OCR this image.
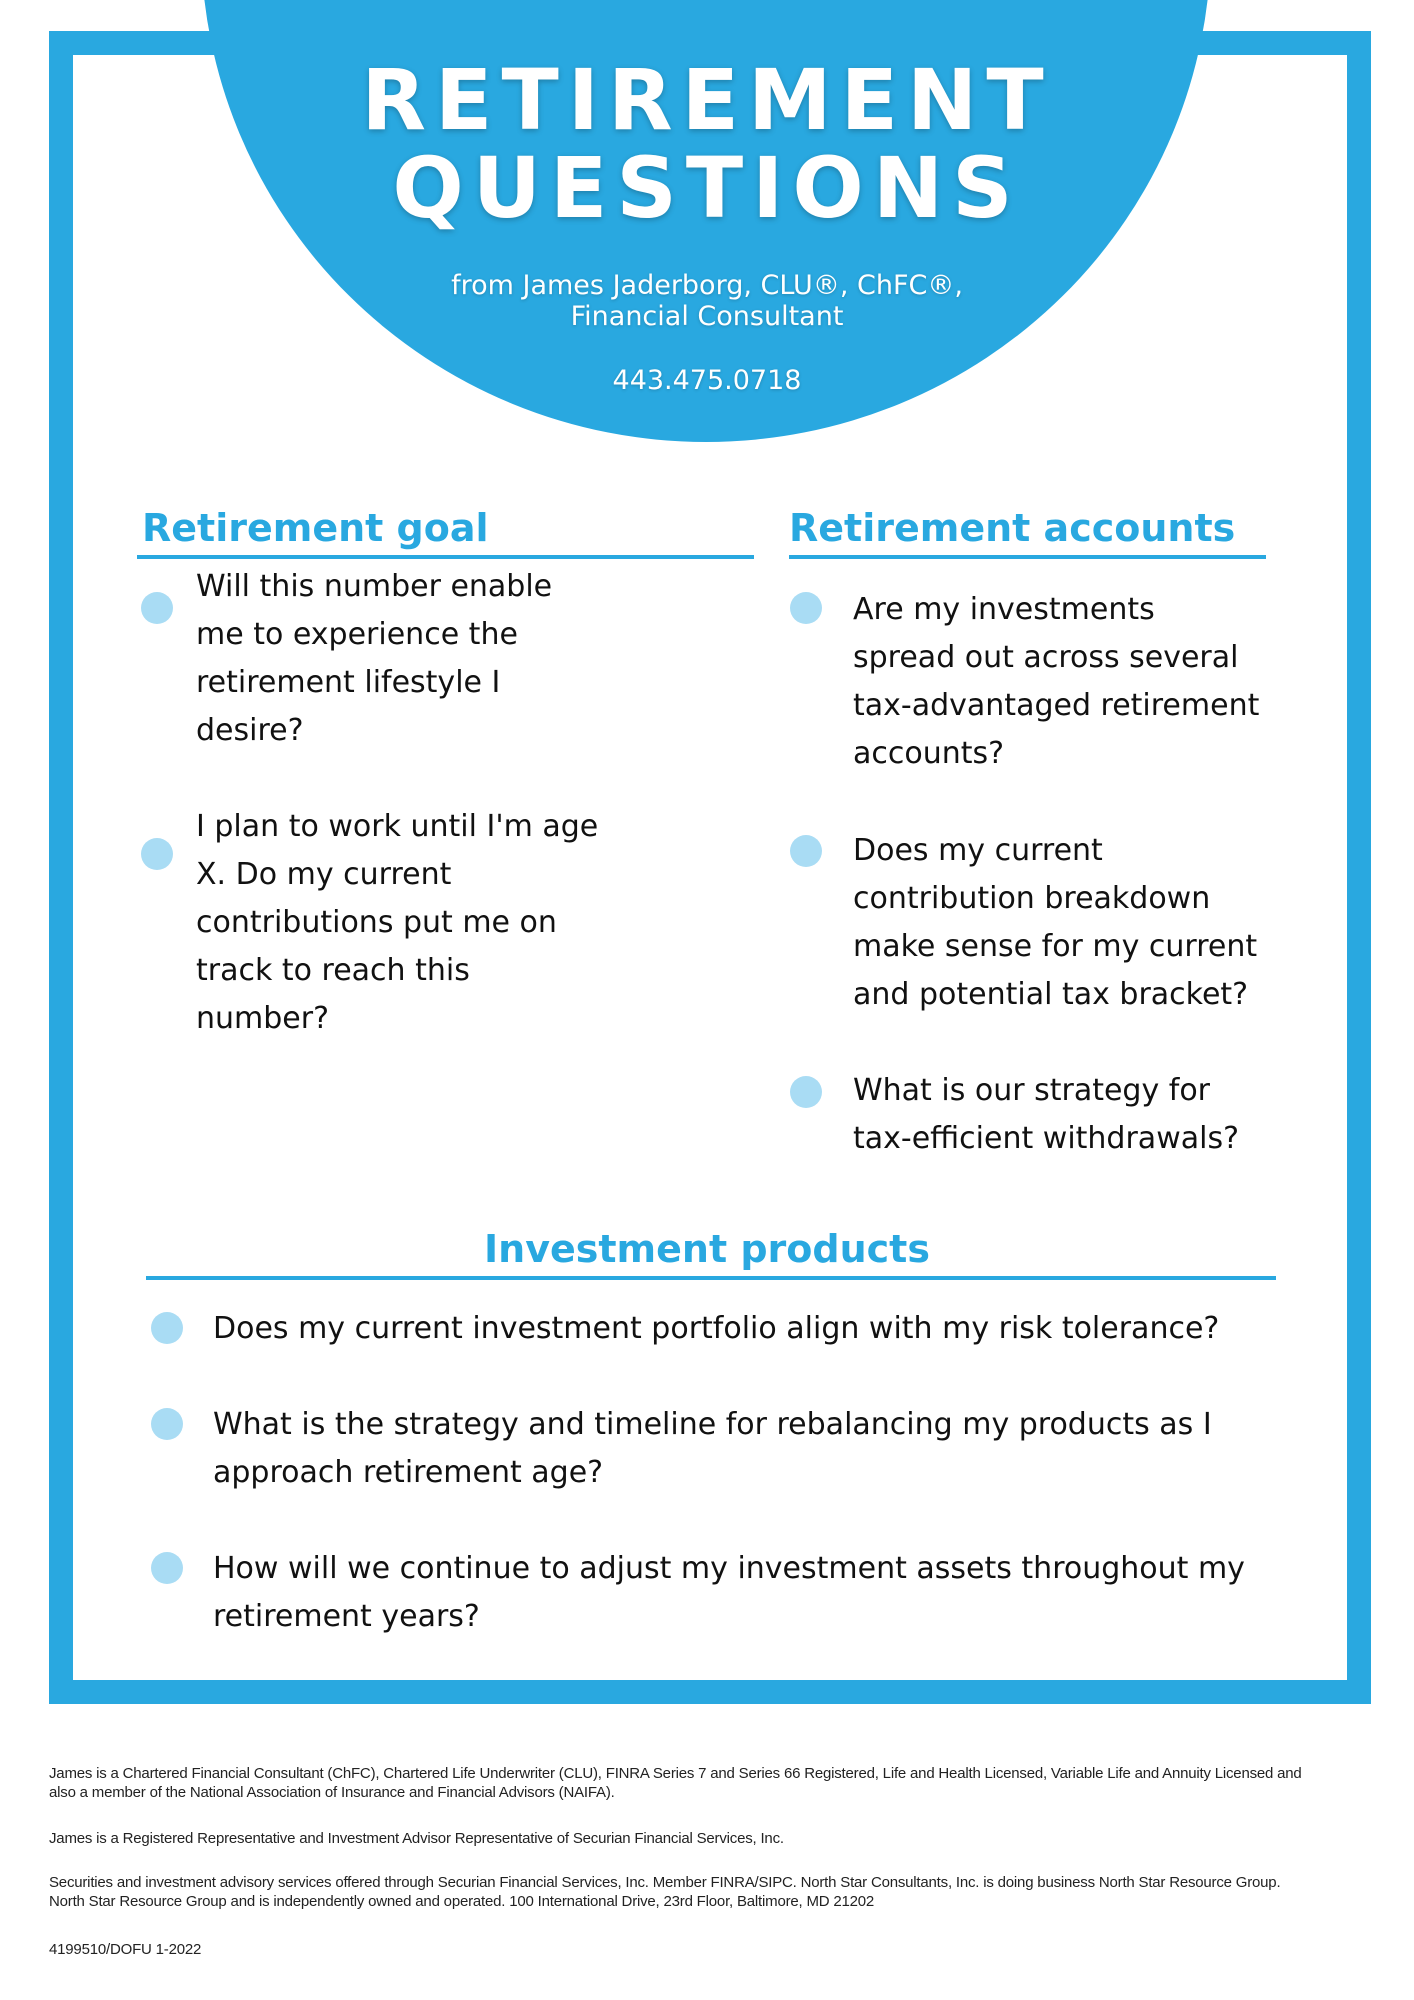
RETIREMENT
QUESTIONS
from James Jaderborg, CLU®, ChFC®,
Financial Consultant
443.475.0718
Retirement goal
Will this number enable
me to experience the
retirement lifestyle I
desire?
I plan to work until I'm age
X. Do my current
contributions put me on
track to reach this
number?
Retirement accounts
Are my investments
spread out across several
tax-advantaged retirement
accounts?
Does my current
contribution breakdown
make sense for my current
and potential tax bracket?
What is our strategy for
tax-efficient withdrawals?
Investment products
Does my current investment portfolio align with my risk tolerance?
What is the strategy and timeline for rebalancing my products as I
approach retirement age?
How will we continue to adjust my investment assets throughout my
retirement years?
James is a Chartered Financial Consultant (ChFC), Chartered Life Underwriter (CLU), FINRA Series 7 and Series 66 Registered, Life and Health Licensed, Variable Life and Annuity Licensed and
also a member of the National Association of Insurance and Financial Advisors (NAIFA).
James is a Registered Representative and Investment Advisor Representative of Securian Financial Services, Inc.
Securities and investment advisory services offered through Securian Financial Services, Inc. Member FINRA/SIPC. North Star Consultants, Inc. is doing business North Star Resource Group.
North Star Resource Group and is independently owned and operated. 100 International Drive, 23rd Floor, Baltimore, MD 21202
4199510/DOFU 1-2022
